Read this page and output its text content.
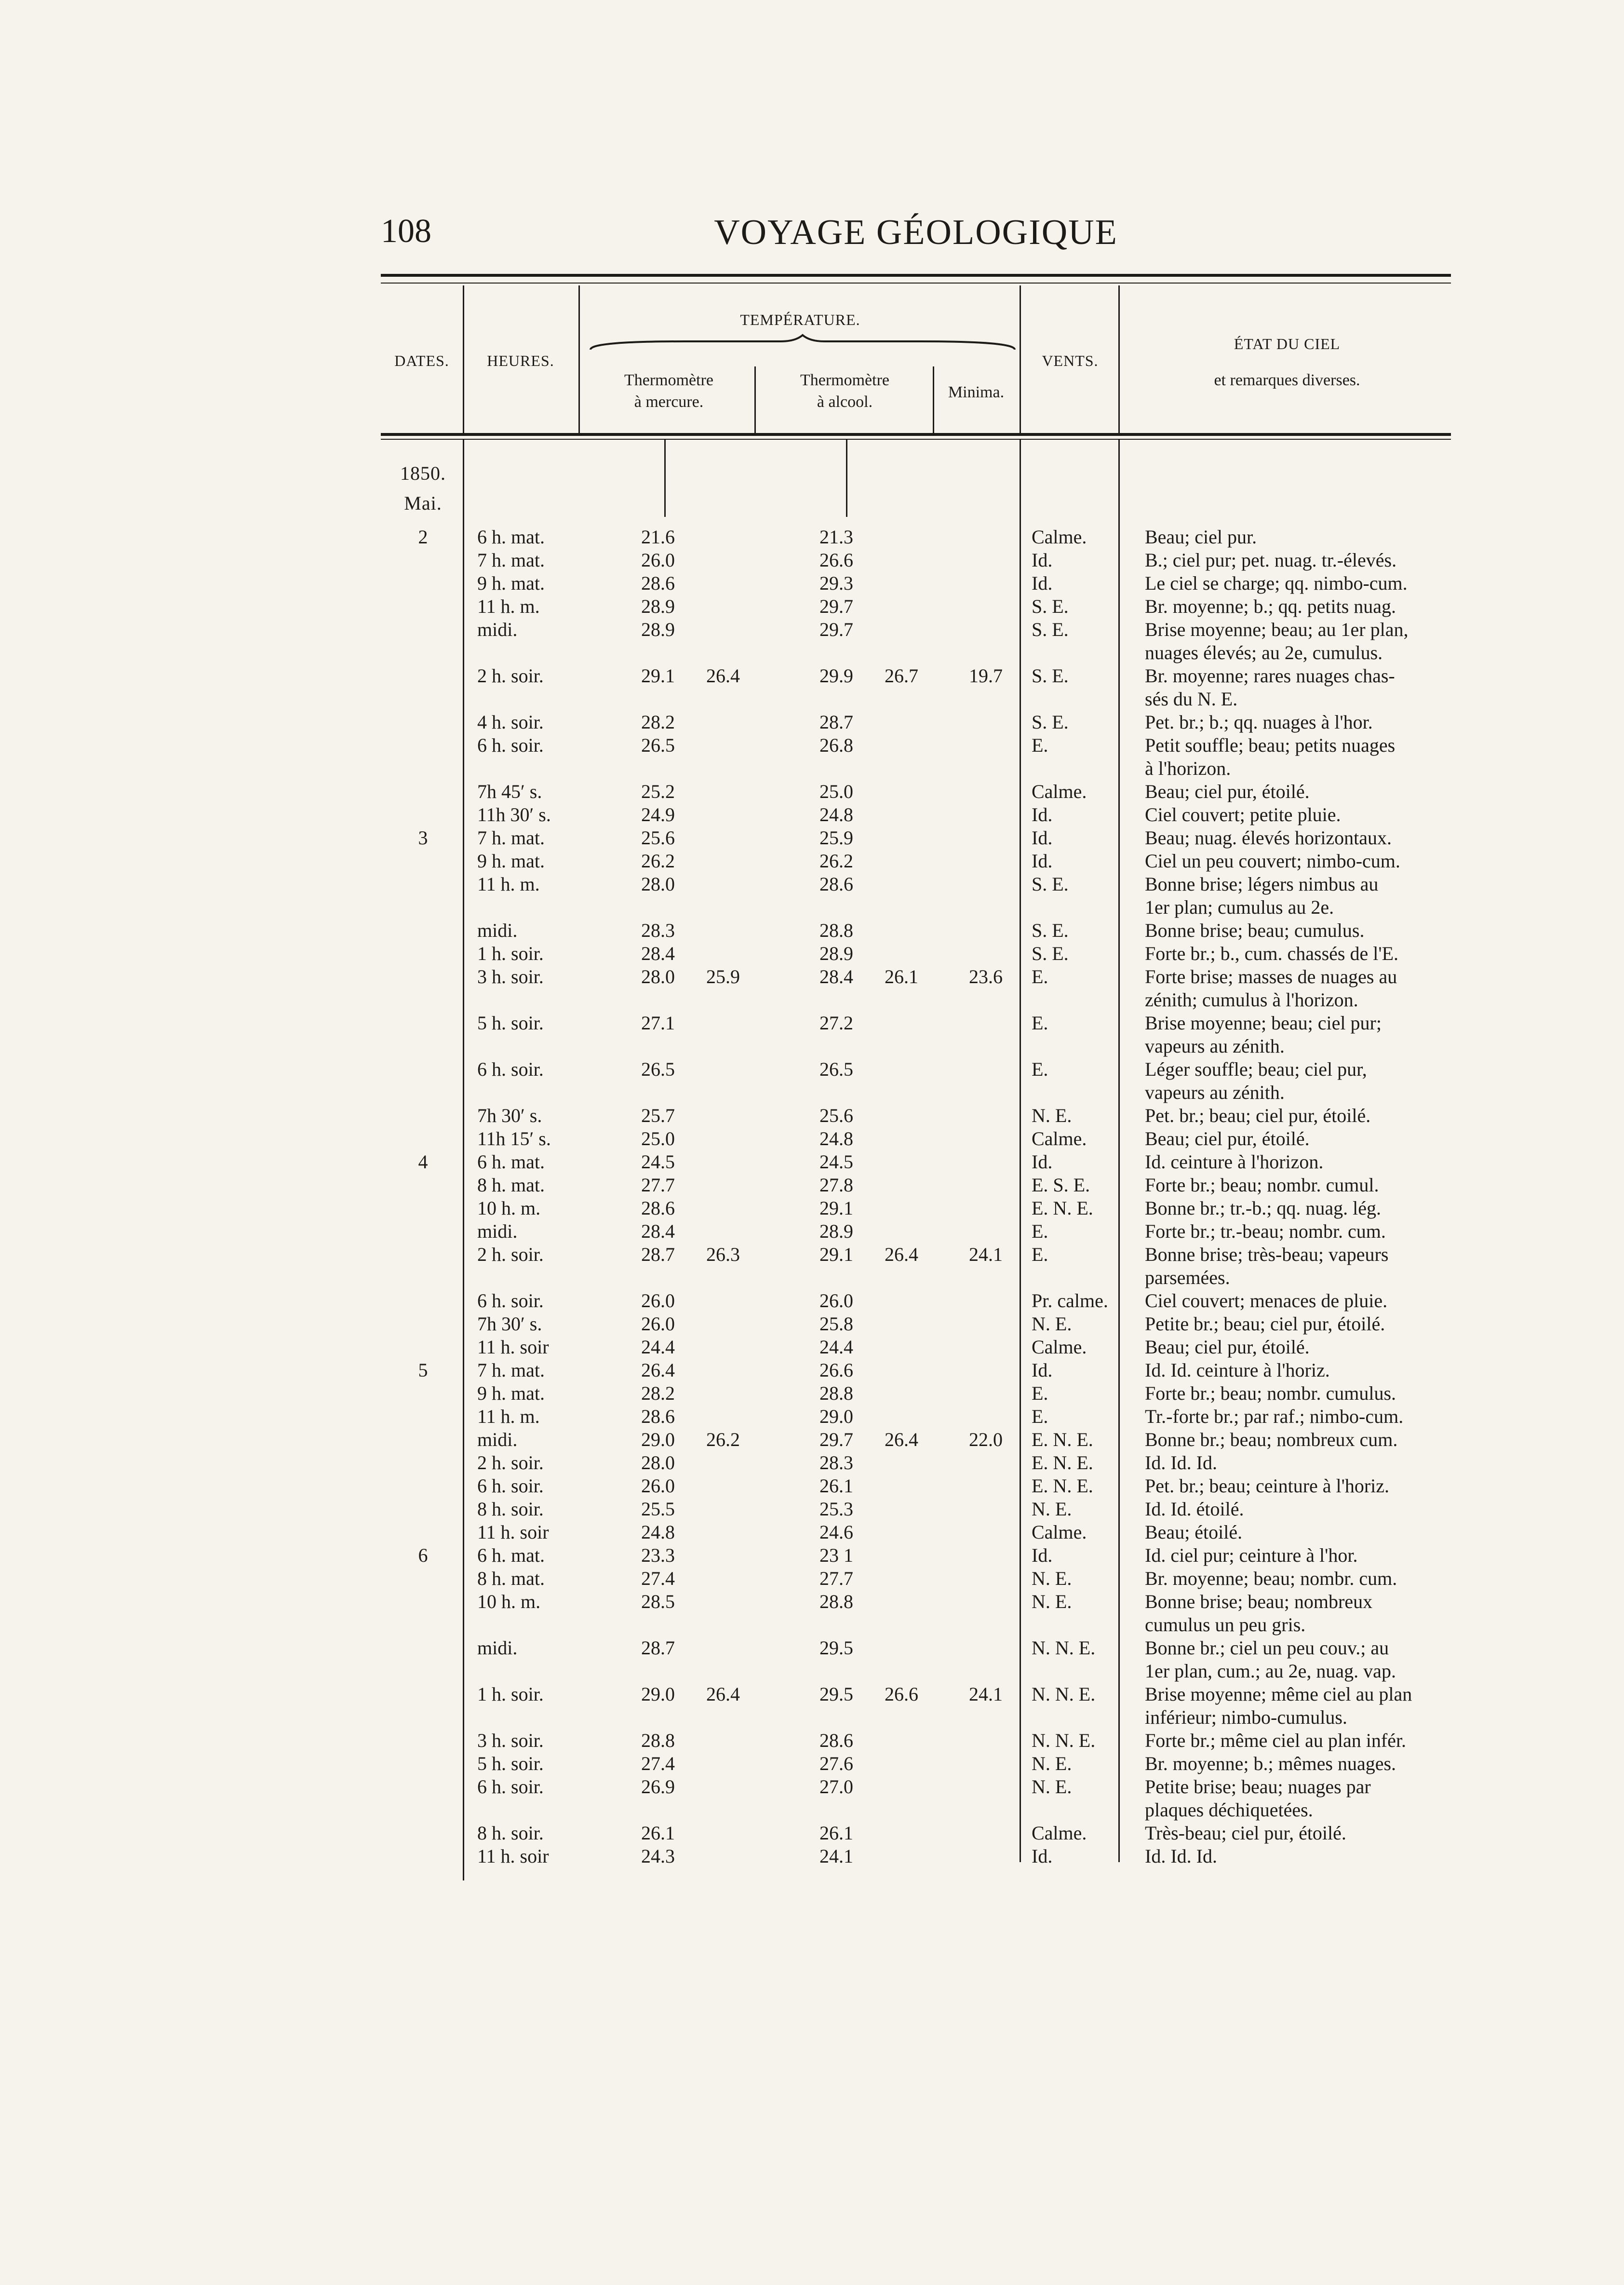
108	VOYAGE GÉOLOGIQUE
DATES.	HEURES.
TEMPÉRATURE.
Thermomètre
à mercure.
Thermomètre
à alcool.
Minima.
VENTS.
ÉTAT DU CIEL
et remarques diverses.
1850.
Mai.
2	6 h. mat.	21.6		21.3			Calme.	Beau; ciel pur.
	7 h. mat.	26.0		26.6			Id.	B.; ciel pur; pet. nuag. tr.-élevés.
	9 h. mat.	28.6		29.3			Id.	Le ciel se charge; qq. nimbo-cum.
	11 h. m.	28.9		29.7			S. E.	Br. moyenne; b.; qq. petits nuag.
	midi.	28.9		29.7			S. E.	Brise moyenne; beau; au 1er plan,
								nuages élevés; au 2e, cumulus.
	2 h. soir.	29.1	26.4	29.9	26.7	19.7	S. E.	Br. moyenne; rares nuages chas-
								sés du N. E.
	4 h. soir.	28.2		28.7			S. E.	Pet. br.; b.; qq. nuages à l'hor.
	6 h. soir.	26.5		26.8			E.	Petit souffle; beau; petits nuages
								à l'horizon.
	7h 45′ s.	25.2		25.0			Calme.	Beau; ciel pur, étoilé.
	11h 30′ s.	24.9		24.8			Id.	Ciel couvert; petite pluie.
3	7 h. mat.	25.6		25.9			Id.	Beau; nuag. élevés horizontaux.
	9 h. mat.	26.2		26.2			Id.	Ciel un peu couvert; nimbo-cum.
	11 h. m.	28.0		28.6			S. E.	Bonne brise; légers nimbus au
								1er plan; cumulus au 2e.
	midi.	28.3		28.8			S. E.	Bonne brise; beau; cumulus.
	1 h. soir.	28.4		28.9			S. E.	Forte br.; b., cum. chassés de l'E.
	3 h. soir.	28.0	25.9	28.4	26.1	23.6	E.	Forte brise; masses de nuages au
								zénith; cumulus à l'horizon.
	5 h. soir.	27.1		27.2			E.	Brise moyenne; beau; ciel pur;
								vapeurs au zénith.
	6 h. soir.	26.5		26.5			E.	Léger souffle; beau; ciel pur,
								vapeurs au zénith.
	7h 30′ s.	25.7		25.6			N. E.	Pet. br.; beau; ciel pur, étoilé.
	11h 15′ s.	25.0		24.8			Calme.	Beau; ciel pur, étoilé.
4	6 h. mat.	24.5		24.5			Id.	Id. ceinture à l'horizon.
	8 h. mat.	27.7		27.8			E. S. E.	Forte br.; beau; nombr. cumul.
	10 h. m.	28.6		29.1			E. N. E.	Bonne br.; tr.-b.; qq. nuag. lég.
	midi.	28.4		28.9			E.	Forte br.; tr.-beau; nombr. cum.
	2 h. soir.	28.7	26.3	29.1	26.4	24.1	E.	Bonne brise; très-beau; vapeurs
								parsemées.
	6 h. soir.	26.0		26.0			Pr. calme.	Ciel couvert; menaces de pluie.
	7h 30′ s.	26.0		25.8			N. E.	Petite br.; beau; ciel pur, étoilé.
	11 h. soir	24.4		24.4			Calme.	Beau; ciel pur, étoilé.
5	7 h. mat.	26.4		26.6			Id.	Id. Id. ceinture à l'horiz.
	9 h. mat.	28.2		28.8			E.	Forte br.; beau; nombr. cumulus.
	11 h. m.	28.6		29.0			E.	Tr.-forte br.; par raf.; nimbo-cum.
	midi.	29.0	26.2	29.7	26.4	22.0	E. N. E.	Bonne br.; beau; nombreux cum.
	2 h. soir.	28.0		28.3			E. N. E.	Id. Id. Id.
	6 h. soir.	26.0		26.1			E. N. E.	Pet. br.; beau; ceinture à l'horiz.
	8 h. soir.	25.5		25.3			N. E.	Id. Id. étoilé.
	11 h. soir	24.8		24.6			Calme.	Beau; étoilé.
6	6 h. mat.	23.3		23 1			Id.	Id. ciel pur; ceinture à l'hor.
	8 h. mat.	27.4		27.7			N. E.	Br. moyenne; beau; nombr. cum.
	10 h. m.	28.5		28.8			N. E.	Bonne brise; beau; nombreux
								cumulus un peu gris.
	midi.	28.7		29.5			N. N. E.	Bonne br.; ciel un peu couv.; au
								1er plan, cum.; au 2e, nuag. vap.
	1 h. soir.	29.0	26.4	29.5	26.6	24.1	N. N. E.	Brise moyenne; même ciel au plan
								inférieur; nimbo-cumulus.
	3 h. soir.	28.8		28.6			N. N. E.	Forte br.; même ciel au plan infér.
	5 h. soir.	27.4		27.6			N. E.	Br. moyenne; b.; mêmes nuages.
	6 h. soir.	26.9		27.0			N. E.	Petite brise; beau; nuages par
								plaques déchiquetées.
	8 h. soir.	26.1		26.1			Calme.	Très-beau; ciel pur, étoilé.
	11 h. soir	24.3		24.1			Id.	Id. Id. Id.
